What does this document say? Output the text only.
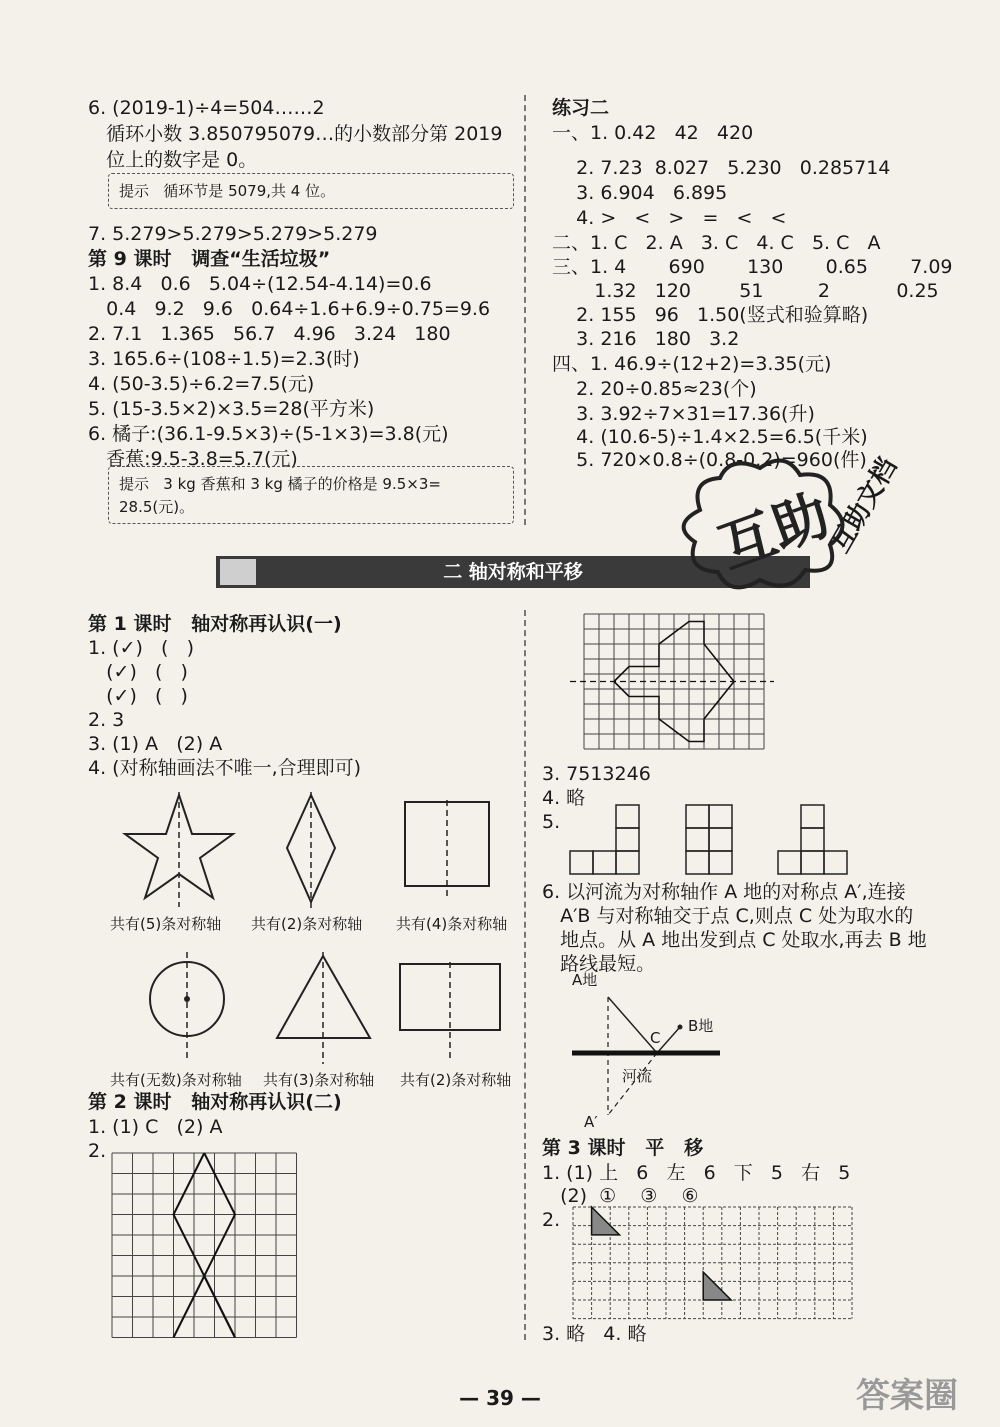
6. (2019-1)÷4=504……2
循环小数 3.850795079…的小数部分第 2019
位上的数字是 0。
提示   循环节是 5079,共 4 位。
7. 5.279>5.279>5.279>5.279
第 9 课时   调查“生活垃圾”
1. 8.4   0.6   5.04÷(12.54-4.14)=0.6
0.4   9.2   9.6   0.64÷1.6+6.9÷0.75=9.6
2. 7.1   1.365   56.7   4.96   3.24   180
3. 165.6÷(108÷1.5)=2.3(时)
4. (50-3.5)÷6.2=7.5(元)
5. (15-3.5×2)×3.5=28(平方米)
6. 橘子:(36.1-9.5×3)÷(5-1×3)=3.8(元)
香蕉:9.5-3.8=5.7(元)
提示   3 kg 香蕉和 3 kg 橘子的价格是 9.5×3=
28.5(元)。
练习二
一、1. 0.42   42   420
2. 7.23  8.027   5.230   0.285714
3. 6.904   6.895
4. >   <   >   =   <   <
二、1. C   2. A   3. C   4. C   5. C   A
三、1. 4       690       130       0.65       7.09
1.32   120        51         2           0.25
2. 155   96   1.50(竖式和验算略)
3. 216   180   3.2
四、1. 46.9÷(12+2)=3.35(元)
2. 20÷0.85≈23(个)
3. 3.92÷7×31=17.36(升)
4. (10.6-5)÷1.4×2.5=6.5(千米)
5. 720×0.8÷(0.8-0.2)=960(件)
二 轴对称和平移
第 1 课时   轴对称再认识(一)
1. (✓)   (   )
(✓)   (   )
(✓)   (   )
2. 3
3. (1) A   (2) A
4. (对称轴画法不唯一,合理即可)
共有(5)条对称轴 共有(2)条对称轴 共有(4)条对称轴
共有(无数)条对称轴 共有(3)条对称轴 共有(2)条对称轴
第 2 课时   轴对称再认识(二)
1. (1) C   (2) A
2.
3. 7513246
4. 略
5.
6. 以河流为对称轴作 A 地的对称点 A′,连接
A′B 与对称轴交于点 C,则点 C 处为取水的
地点。从 A 地出发到点 C 处取水,再去 B 地
路线最短。
A地
B地
C
河流
A′
第 3 课时   平   移
1. (1) 上   6   左   6   下   5   右   5
(2)  ①    ③    ⑥
2.
3. 略   4. 略
互助
互助文档
— 39 —	答案圈
